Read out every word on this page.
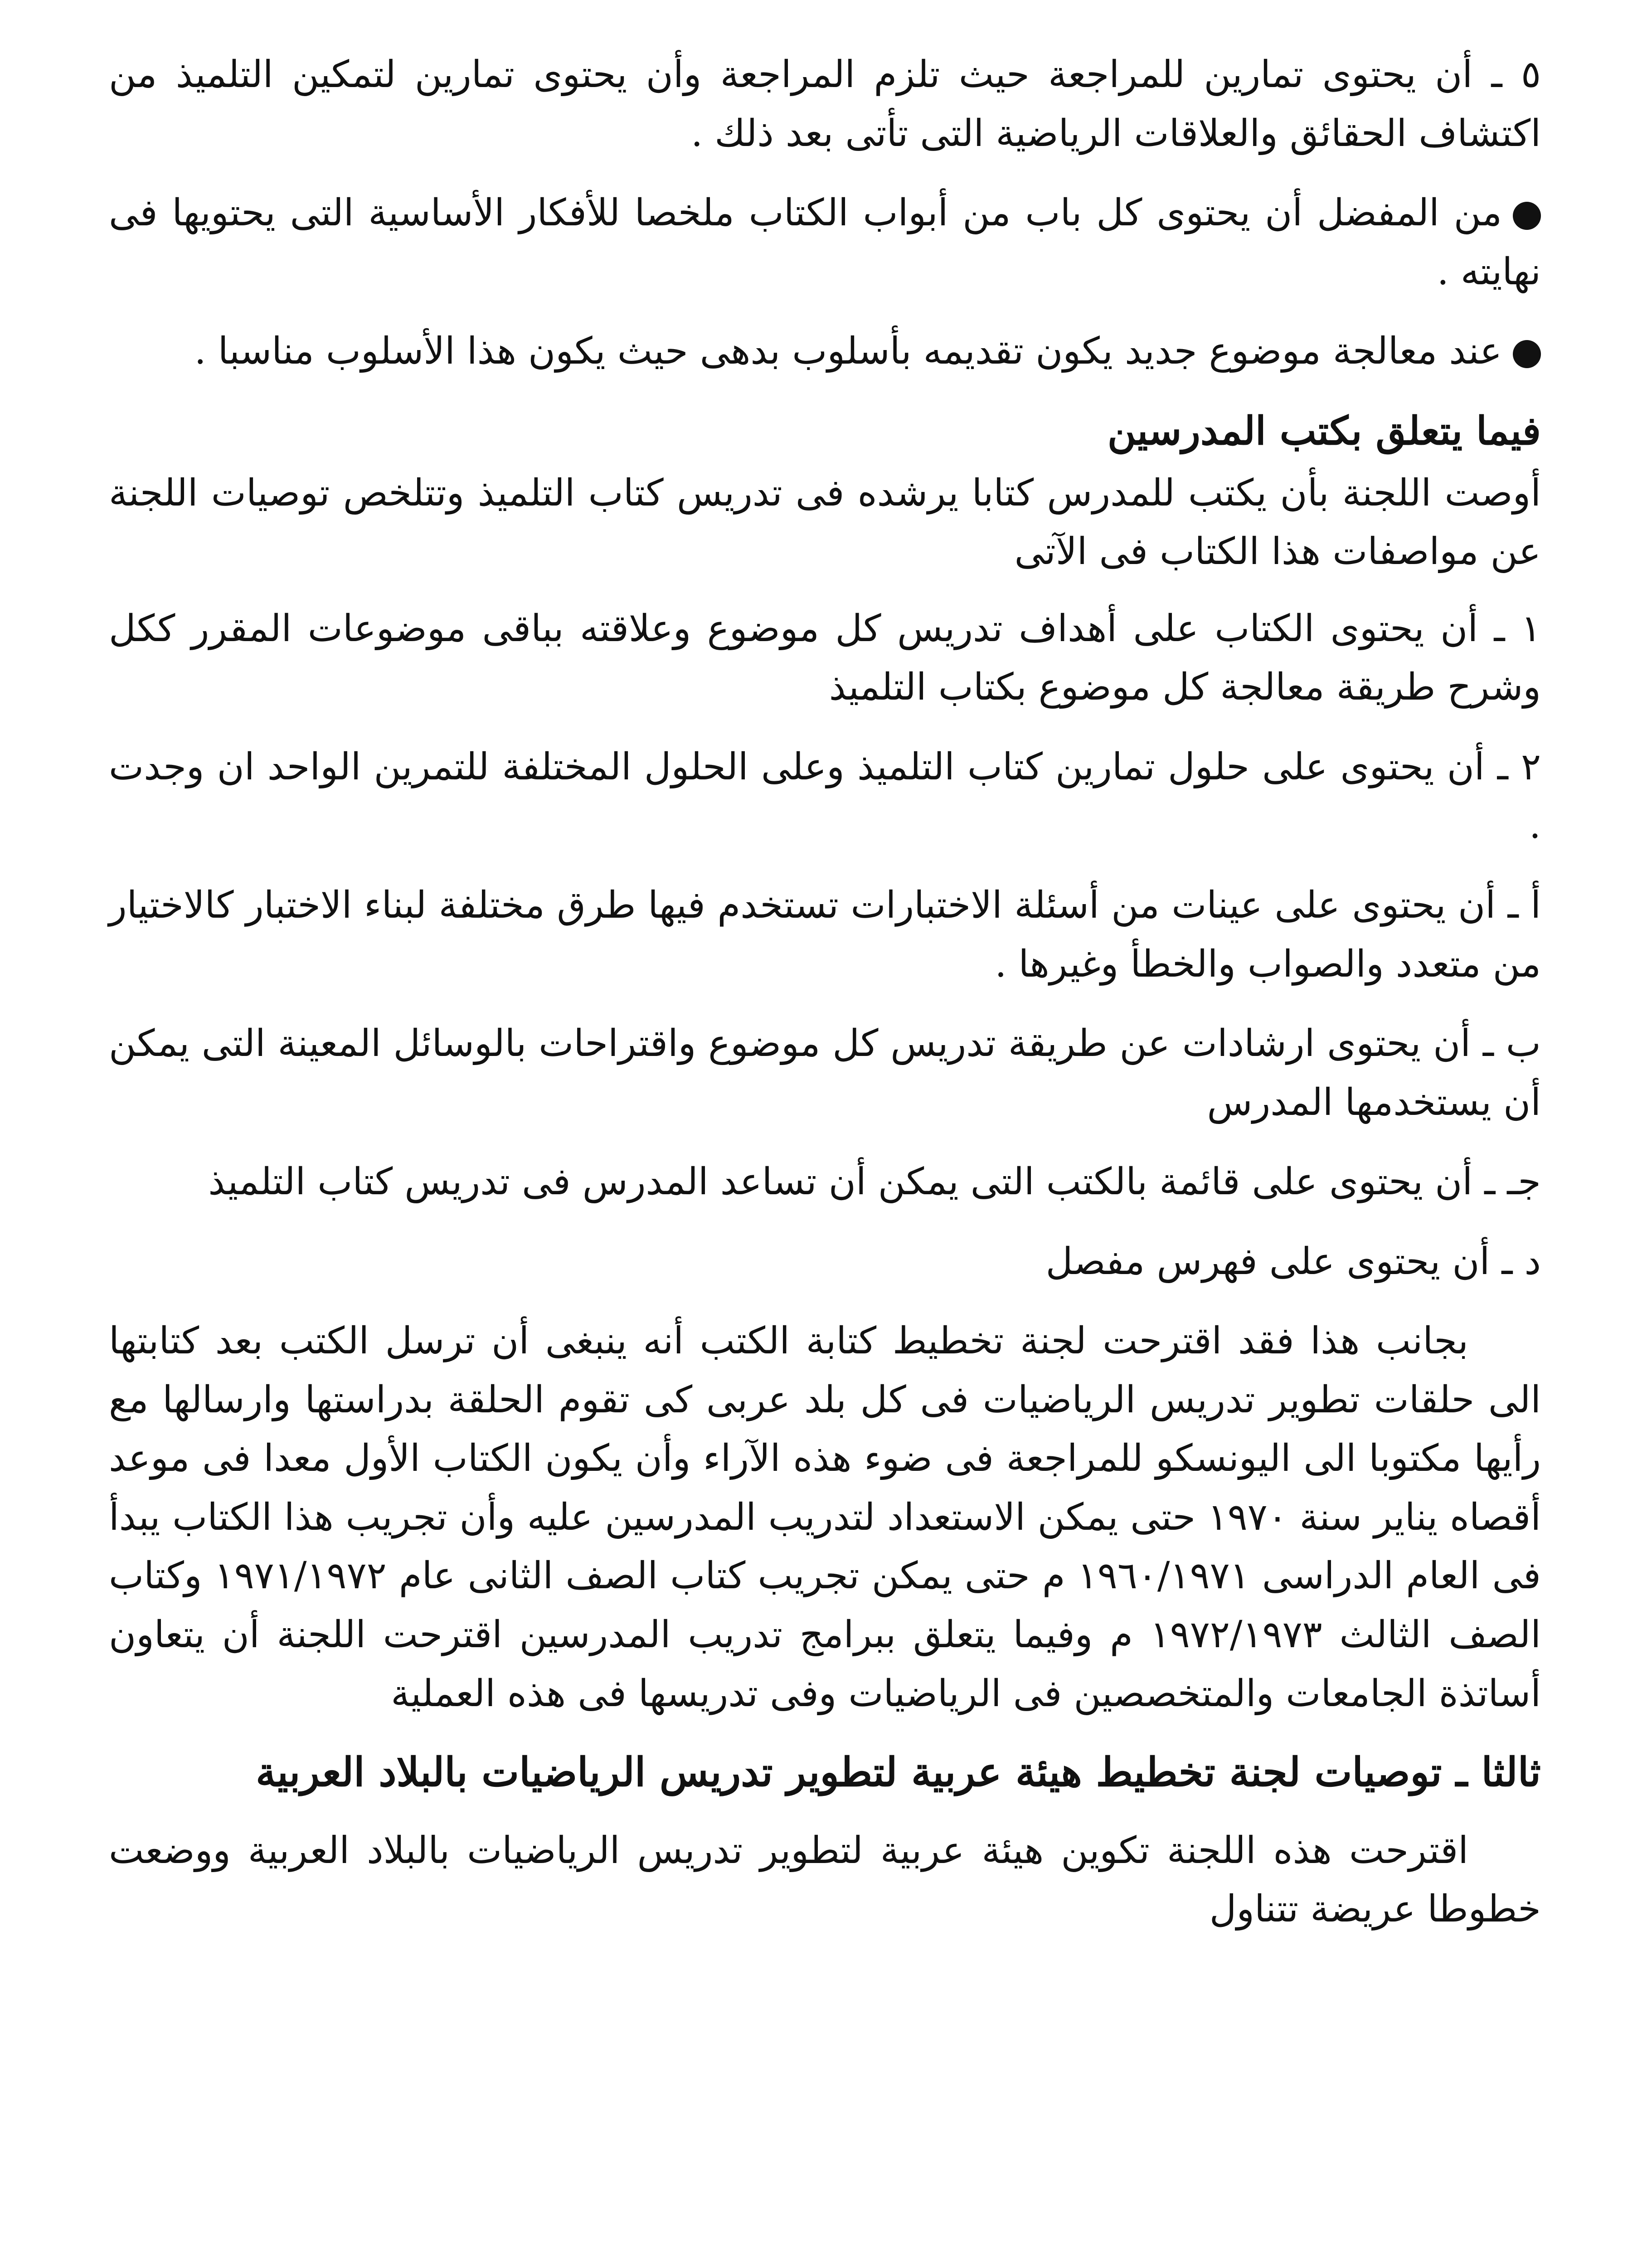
٥ ـ أن يحتوى تمارين للمراجعة حيث تلزم المراجعة وأن يحتوى تمارين لتمكين التلميذ من اكتشاف الحقائق والعلاقات الرياضية التى تأتى بعد ذلك .

من المفضل أن يحتوى كل باب من أبواب الكتاب ملخصا للأفكار الأساسية التى يحتويها فى نهايته .

عند معالجة موضوع جديد يكون تقديمه بأسلوب بدهى حيث يكون هذا الأسلوب مناسبا .

فيما يتعلق بكتب المدرسين

أوصت اللجنة بأن يكتب للمدرس كتابا يرشده فى تدريس كتاب التلميذ وتتلخص توصيات اللجنة عن مواصفات هذا الكتاب فى الآتى

١ ـ أن يحتوى الكتاب على أهداف تدريس كل موضوع وعلاقته بباقى موضوعات المقرر ككل وشرح طريقة معالجة كل موضوع بكتاب التلميذ

٢ ـ أن يحتوى على حلول تمارين كتاب التلميذ وعلى الحلول المختلفة للتمرين الواحد ان وجدت .

أ ـ أن يحتوى على عينات من أسئلة الاختبارات تستخدم فيها طرق مختلفة لبناء الاختبار كالاختيار من متعدد والصواب والخطأ وغيرها .

ب ـ أن يحتوى ارشادات عن طريقة تدريس كل موضوع واقتراحات بالوسائل المعينة التى يمكن أن يستخدمها المدرس

جـ ـ أن يحتوى على قائمة بالكتب التى يمكن أن تساعد المدرس فى تدريس كتاب التلميذ

د ـ أن يحتوى على فهرس مفصل

بجانب هذا فقد اقترحت لجنة تخطيط كتابة الكتب أنه ينبغى أن ترسل الكتب بعد كتابتها الى حلقات تطوير تدريس الرياضيات فى كل بلد عربى كى تقوم الحلقة بدراستها وارسالها مع رأيها مكتوبا الى اليونسكو للمراجعة فى ضوء هذه الآراء وأن يكون الكتاب الأول معدا فى موعد أقصاه يناير سنة ١٩٧٠ حتى يمكن الاستعداد لتدريب المدرسين عليه وأن تجريب هذا الكتاب يبدأ فى العام الدراسى ١٩٦٠/١٩٧١ م حتى يمكن تجريب كتاب الصف الثانى عام ١٩٧١/١٩٧٢ وكتاب الصف الثالث ١٩٧٢/١٩٧٣ م وفيما يتعلق ببرامج تدريب المدرسين اقترحت اللجنة أن يتعاون أساتذة الجامعات والمتخصصين فى الرياضيات وفى تدريسها فى هذه العملية

ثالثا ـ توصيات لجنة تخطيط هيئة عربية لتطوير تدريس الرياضيات بالبلاد العربية

اقترحت هذه اللجنة تكوين هيئة عربية لتطوير تدريس الرياضيات بالبلاد العربية ووضعت خطوطا عريضة تتناول
